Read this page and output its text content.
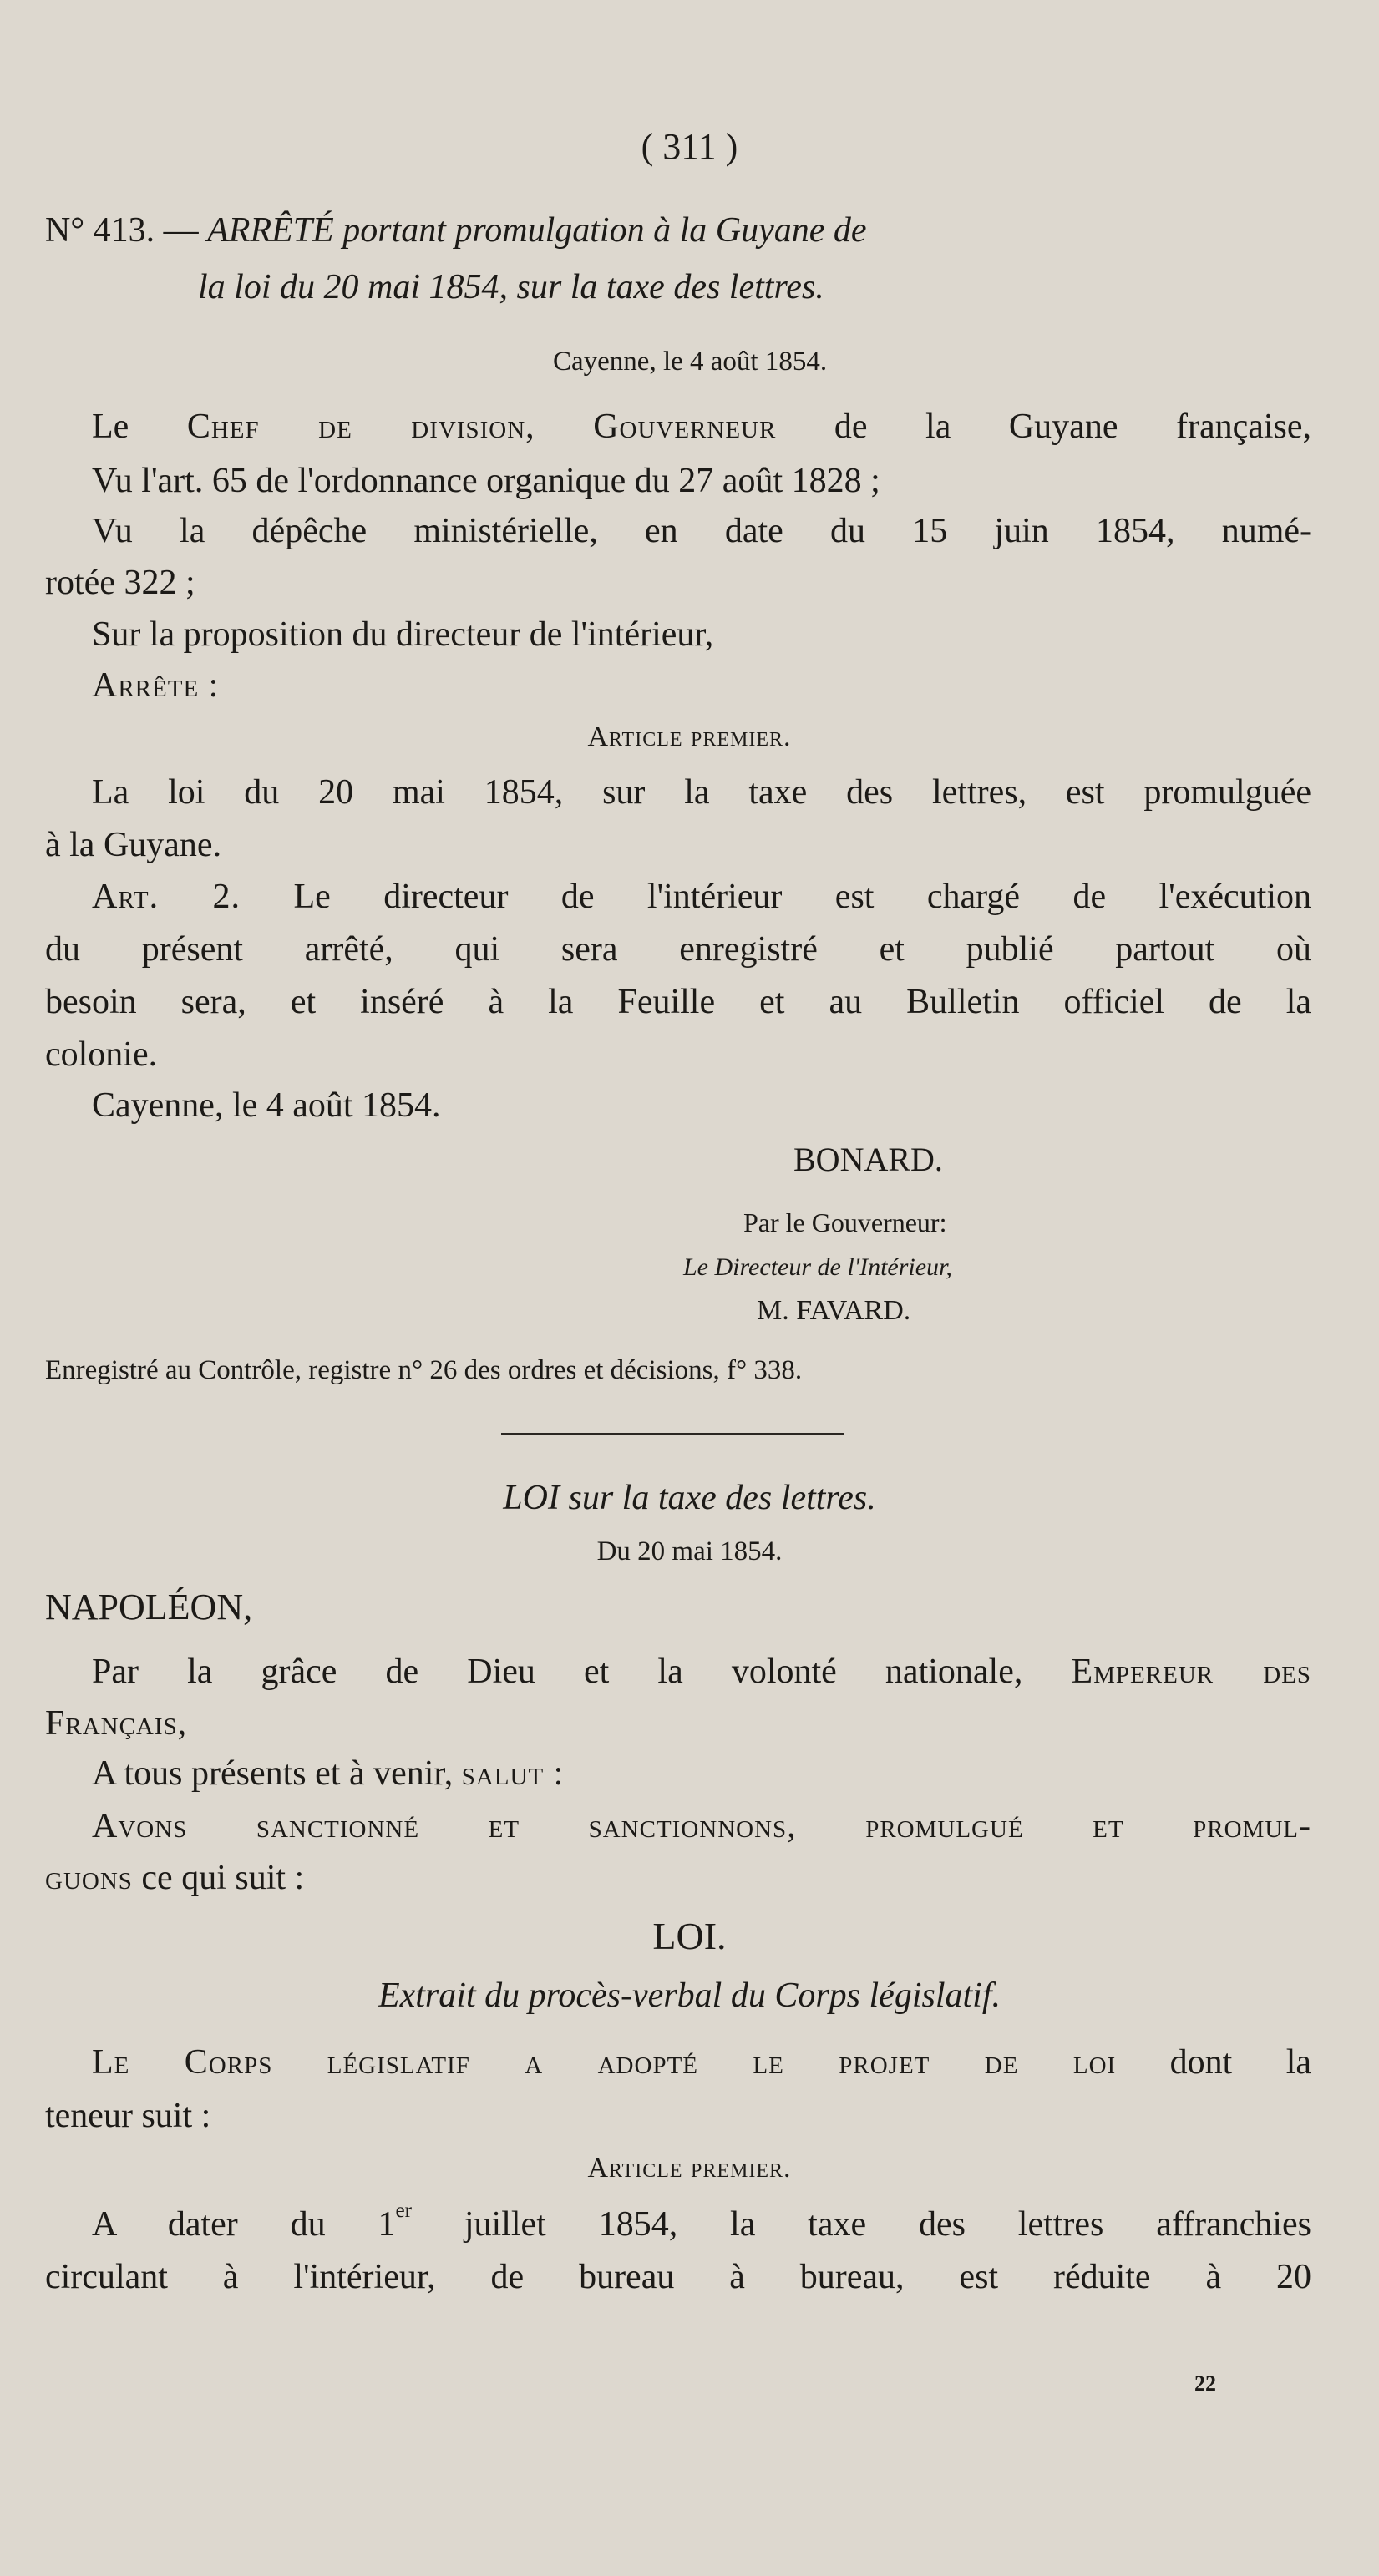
( 311 )
N° 413. — ARRÊTÉ portant promulgation à la Guyane de
la loi du 20 mai 1854, sur la taxe des lettres.
Cayenne, le 4 août 1854.
Le Chef de division, Gouverneur de la Guyane française,
Vu l'art. 65 de l'ordonnance organique du 27 août 1828 ;
Vu la dépêche ministérielle, en date du 15 juin 1854, numé-
rotée 322 ;
Sur la proposition du directeur de l'intérieur,
Arrête :
Article premier.
La loi du 20 mai 1854, sur la taxe des lettres, est promulguée
à la Guyane.
Art. 2. Le directeur de l'intérieur est chargé de l'exécution
du présent arrêté, qui sera enregistré et publié partout où
besoin sera, et inséré à la Feuille et au Bulletin officiel de la
colonie.
Cayenne, le 4 août 1854.
BONARD.
Par le Gouverneur:
Le Directeur de l'Intérieur,
M. FAVARD.
Enregistré au Contrôle, registre n° 26 des ordres et décisions, f° 338.
LOI sur la taxe des lettres.
Du 20 mai 1854.
NAPOLÉON,
Par la grâce de Dieu et la volonté nationale, Empereur des
Français,
A tous présents et à venir, salut :
Avons sanctionné et sanctionnons, promulgué et promul-
guons ce qui suit :
LOI.
Extrait du procès-verbal du Corps législatif.
Le Corps législatif a adopté le projet de loi dont la
teneur suit :
Article premier.
A dater du 1er juillet 1854, la taxe des lettres affranchies
circulant à l'intérieur, de bureau à bureau, est réduite à 20
22
